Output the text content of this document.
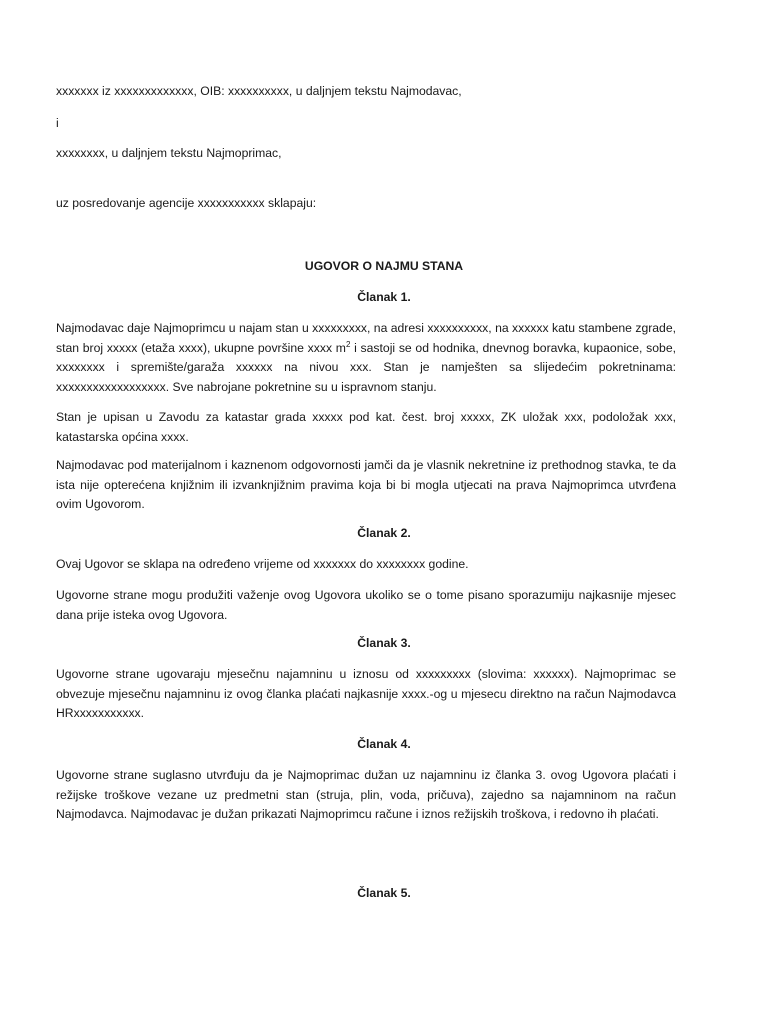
xxxxxxx iz xxxxxxxxxxxxx, OIB: xxxxxxxxxx, u daljnjem tekstu Najmodavac,
i
xxxxxxxx, u daljnjem tekstu Najmoprimac,
uz posredovanje agencije xxxxxxxxxxx sklapaju:
UGOVOR O NAJMU STANA
Članak 1.

Najmodavac daje Najmoprimcu u najam stan u xxxxxxxxx, na adresi xxxxxxxxxx, na xxxxxx katu stambene zgrade, stan broj xxxxx (etaža xxxx), ukupne površine xxxx $m^2$ i sastoji se od hodnika, dnevnog boravka, kupaonice, sobe, xxxxxxxx i spremište/garaža xxxxxx na nivou xxx. Stan je namješten sa slijedećim pokretninama: xxxxxxxxxxxxxxxxxx. Sve nabrojane pokretnine su u ispravnom stanju.

Stan je upisan u Zavodu za katastar grada xxxxx pod kat. čest. broj xxxxx, ZK uložak xxx, podoložak xxx, katastarska općina xxxx.
Najmodavac pod materijalnom i kaznenom odgovornosti jamči da je vlasnik nekretnine iz prethodnog stavka, te da ista nije opterećena knjižnim ili izvanknjižnim pravima koja bi bi mogla utjecati na prava Najmoprimca utvrđena ovim Ugovorom.
Članak 2.
Ovaj Ugovor se sklapa na određeno vrijeme od xxxxxxx do xxxxxxxx godine.
Ugovorne strane mogu produžiti važenje ovog Ugovora ukoliko se o tome pisano sporazumiju najkasnije mjesec dana prije isteka ovog Ugovora.
Članak 3.
Ugovorne strane ugovaraju mjesečnu najamninu u iznosu od xxxxxxxxx (slovima: xxxxxx). Najmoprimac se obvezuje mjesečnu najamninu iz ovog članka plaćati najkasnije xxxx.-og u mjesecu direktno na račun Najmodavca HRxxxxxxxxxxx.
Članak 4.
Ugovorne strane suglasno utvrđuju da je Najmoprimac dužan uz najamninu iz članka 3. ovog Ugovora plaćati i režijske troškove vezane uz predmetni stan (struja, plin, voda, pričuva), zajedno sa najamninom na račun Najmodavca. Najmodavac je dužan prikazati Najmoprimcu račune i iznos režijskih troškova, i redovno ih plaćati.
Članak 5.
